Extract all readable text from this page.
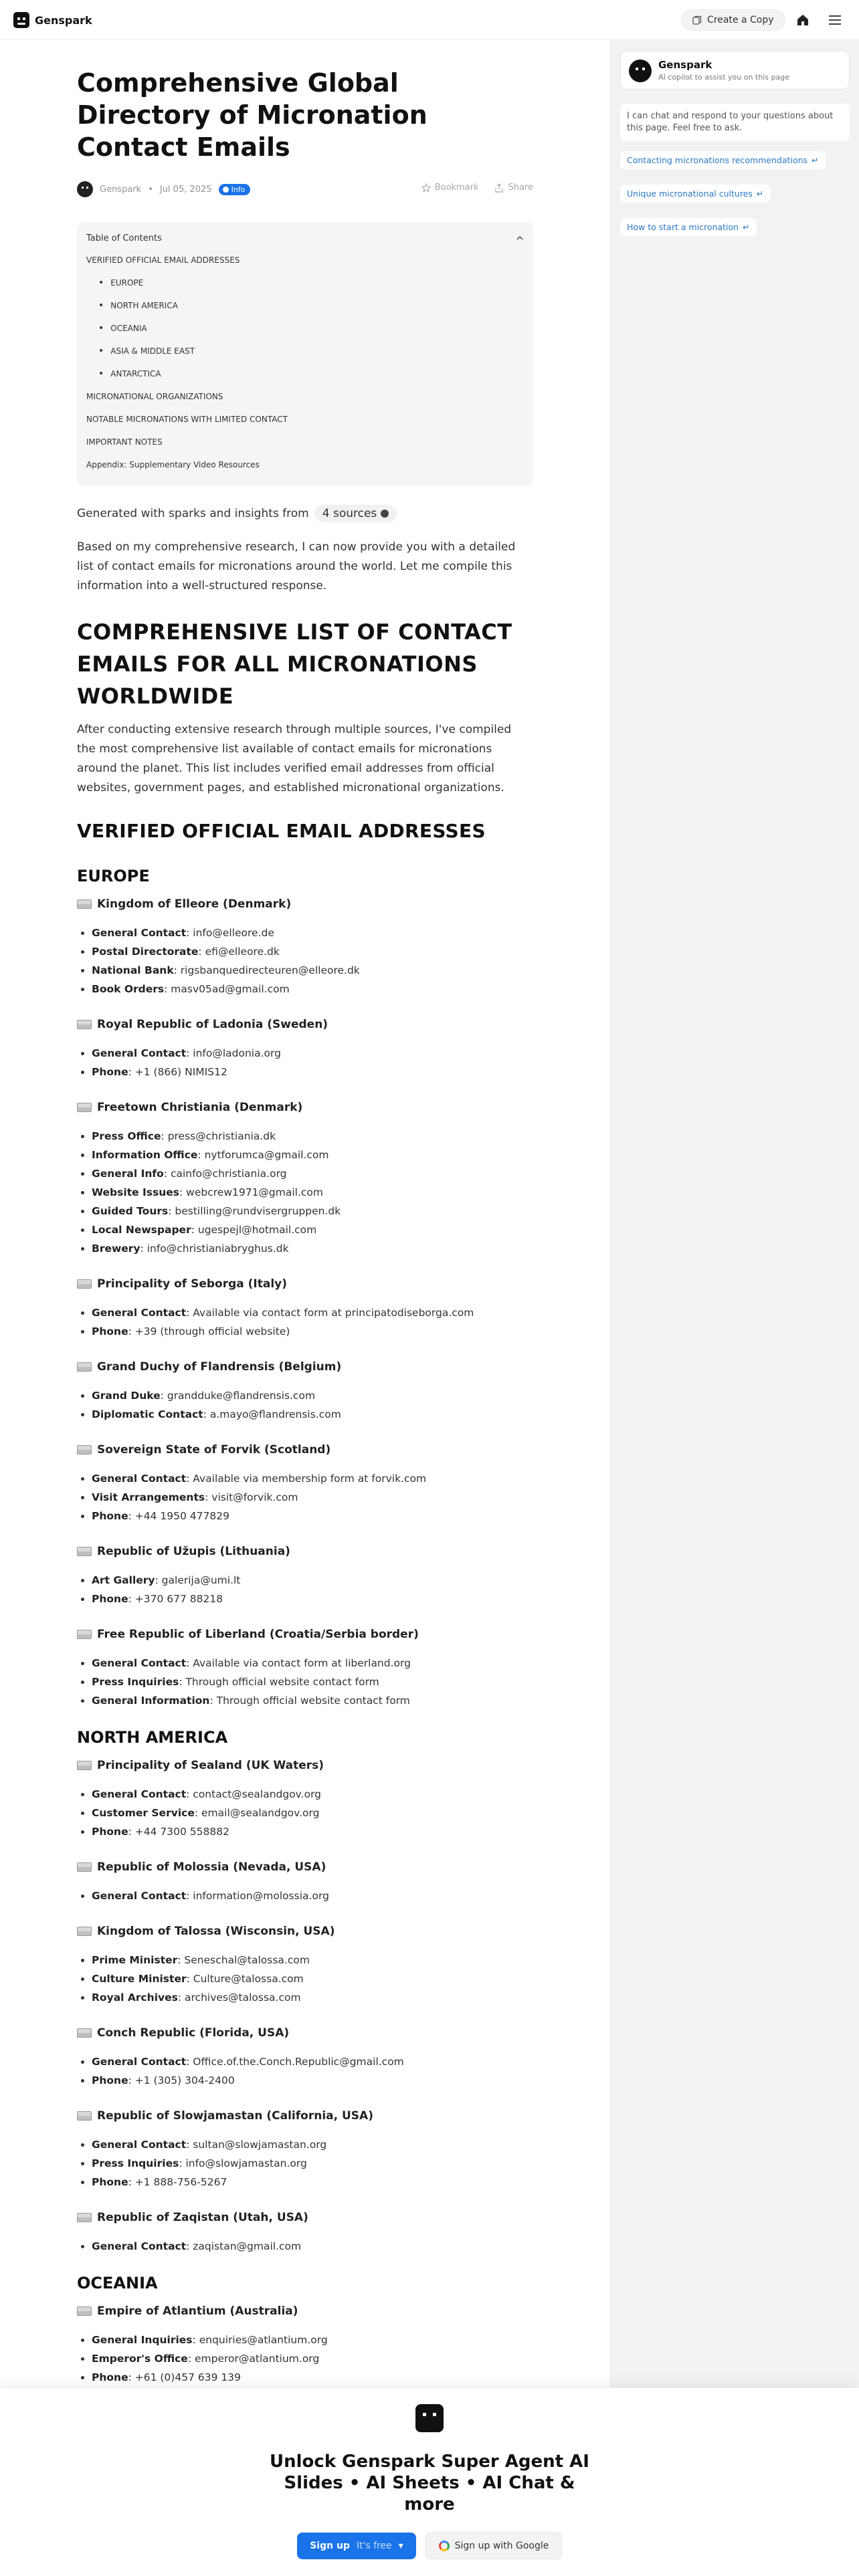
Genspark	Create a Copy
Comprehensive Global Directory of Micronation Contact Emails
Genspark • Jul 05, 2025	Info	Bookmark	Share
Table of Contents
VERIFIED OFFICIAL EMAIL ADDRESSES
• EUROPE
• NORTH AMERICA
• OCEANIA
• ASIA & MIDDLE EAST
• ANTARCTICA
MICRONATIONAL ORGANIZATIONS
NOTABLE MICRONATIONS WITH LIMITED CONTACT
IMPORTANT NOTES
Appendix: Supplementary Video Resources
Generated with sparks and insights from 4 sources

Based on my comprehensive research, I can now provide you with a detailed list of contact emails for micronations around the world. Let me compile this information into a well-structured response.

COMPREHENSIVE LIST OF CONTACT EMAILS FOR ALL MICRONATIONS WORLDWIDE

After conducting extensive research through multiple sources, I've compiled the most comprehensive list available of contact emails for micronations around the planet. This list includes verified email addresses from official websites, government pages, and established micronational organizations.

VERIFIED OFFICIAL EMAIL ADDRESSES
EUROPE
Kingdom of Elleore (Denmark)
General Contact: info@elleore.de
Postal Directorate: efi@elleore.dk
National Bank: rigsbanquedirecteuren@elleore.dk
Book Orders: masv05ad@gmail.com
Royal Republic of Ladonia (Sweden)
General Contact: info@ladonia.org
Phone: +1 (866) NIMIS12
Freetown Christiania (Denmark)
Press Office: press@christiania.dk
Information Office: nytforumca@gmail.com
General Info: cainfo@christiania.org
Website Issues: webcrew1971@gmail.com
Guided Tours: bestilling@rundvisergruppen.dk
Local Newspaper: ugespejl@hotmail.com
Brewery: info@christianiabryghus.dk
Principality of Seborga (Italy)
General Contact: Available via contact form at principatodiseborga.com
Phone: +39 (through official website)
Grand Duchy of Flandrensis (Belgium)
Grand Duke: grandduke@flandrensis.com
Diplomatic Contact: a.mayo@flandrensis.com
Sovereign State of Forvik (Scotland)
General Contact: Available via membership form at forvik.com
Visit Arrangements: visit@forvik.com
Phone: +44 1950 477829
Republic of Užupis (Lithuania)
Art Gallery: galerija@umi.lt
Phone: +370 677 88218
Free Republic of Liberland (Croatia/Serbia border)
General Contact: Available via contact form at liberland.org
Press Inquiries: Through official website contact form
General Information: Through official website contact form
NORTH AMERICA
Principality of Sealand (UK Waters)
General Contact: contact@sealandgov.org
Customer Service: email@sealandgov.org
Phone: +44 7300 558882
Republic of Molossia (Nevada, USA)
General Contact: information@molossia.org
Kingdom of Talossa (Wisconsin, USA)
Prime Minister: Seneschal@talossa.com
Culture Minister: Culture@talossa.com
Royal Archives: archives@talossa.com
Conch Republic (Florida, USA)
General Contact: Office.of.the.Conch.Republic@gmail.com
Phone: +1 (305) 304-2400
Republic of Slowjamastan (California, USA)
General Contact: sultan@slowjamastan.org
Press Inquiries: info@slowjamastan.org
Phone: +1 888-756-5267
Republic of Zaqistan (Utah, USA)
General Contact: zaqistan@gmail.com
OCEANIA
Empire of Atlantium (Australia)
General Inquiries: enquiries@atlantium.org
Emperor's Office: emperor@atlantium.org
Phone: +61 (0)457 639 139
Genspark
AI copilot to assist you on this page
I can chat and respond to your questions about this page. Feel free to ask.
Contacting micronations recommendations ↵
Unique micronational cultures ↵
How to start a micronation ↵
Unlock Genspark Super Agent AI Slides • AI Sheets • AI Chat & more
Sign up It's free ▾	Sign up with Google
